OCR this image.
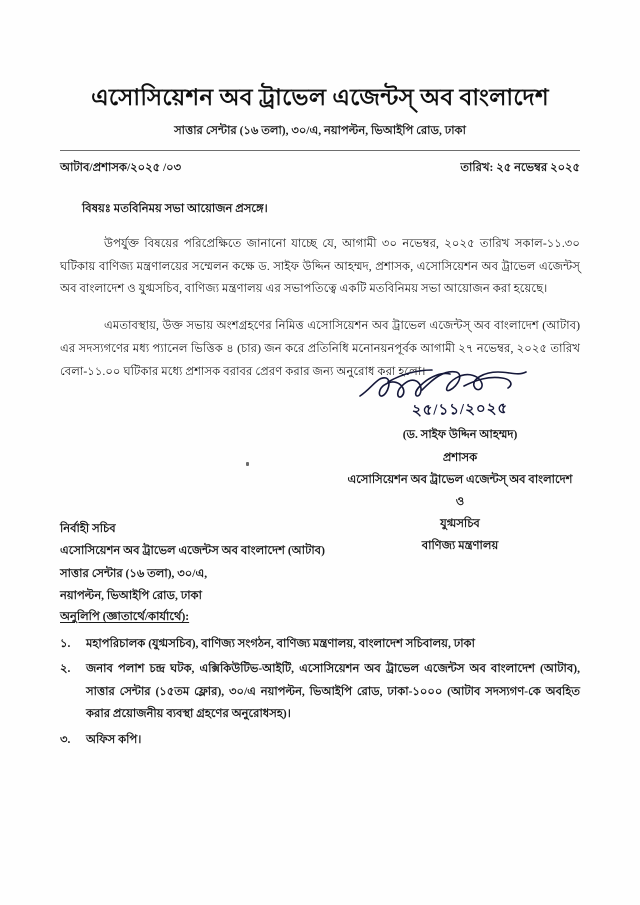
এসোসিয়েশন অব ট্রাভেল এজেন্টস্ অব বাংলাদেশ
সাত্তার সেন্টার (১৬ তলা), ৩০/এ, নয়াপল্টন, ভিআইপি রোড, ঢাকা
আটাব/প্রশাসক/২০২৫ /০৩	তারিখ: ২৫ নভেম্বর ২০২৫
বিষয়ঃ মতবিনিময় সভা আয়োজন প্রসঙ্গে।

উপর্যুক্ত বিষয়ের পরিপ্রেক্ষিতে জানানো যাচ্ছে যে, আগামী ৩০ নভেম্বর, ২০২৫ তারিখ সকাল-১১.৩০ ঘটিকায় বাণিজ্য মন্ত্রণালয়ের সম্মেলন কক্ষে ড. সাইফ উদ্দিন আহম্মদ, প্রশাসক, এসোসিয়েশন অব ট্রাভেল এজেন্টস্ অব বাংলাদেশ ও যুগ্মসচিব, বাণিজ্য মন্ত্রণালয় এর সভাপতিত্বে একটি মতবিনিময় সভা আয়োজন করা হয়েছে।

এমতাবস্থায়, উক্ত সভায় অংশগ্রহণের নিমিত্ত এসোসিয়েশন অব ট্রাভেল এজেন্টস্ অব বাংলাদেশ (আটাব) এর সদস্যগণের মধ্য প্যানেল ভিত্তিক ৪ (চার) জন করে প্রতিনিধি মনোনয়নপূর্বক আগামী ২৭ নভেম্বর, ২০২৫ তারিখ বেলা-১১.০০ ঘটিকার মধ্যে প্রশাসক বরাবর প্রেরণ করার জন্য অনুরোধ করা হলো।

২৫/১১/২০২৫
(ড. সাইফ উদ্দিন আহম্মদ)
প্রশাসক
এসোসিয়েশন অব ট্রাভেল এজেন্টস্ অব বাংলাদেশ
ও
যুগ্মসচিব
বাণিজ্য মন্ত্রণালয়
নির্বাহী সচিব
এসোসিয়েশন অব ট্রাভেল এজেন্টস অব বাংলাদেশ (আটাব)
সাত্তার সেন্টার (১৬ তলা), ৩০/এ,
নয়াপল্টন, ভিআইপি রোড, ঢাকা
অনুলিপি (জ্ঞাতার্থে/কার্যার্থে):
১.	মহাপরিচালক (যুগ্মসচিব), বাণিজ্য সংগঠন, বাণিজ্য মন্ত্রণালয়, বাংলাদেশ সচিবালয়, ঢাকা
২.	জনাব পলাশ চন্দ্র ঘটক, এক্সিকিউটিভ-আইটি, এসোসিয়েশন অব ট্রাভেল এজেন্টস অব বাংলাদেশ (আটাব), সাত্তার সেন্টার (১৫তম ফ্লোর), ৩০/এ নয়াপল্টন, ভিআইপি রোড, ঢাকা-১০০০ (আটাব সদস্যগণ-কে অবহিত করার প্রয়োজনীয় ব্যবস্থা গ্রহণের অনুরোধসহ)।
৩.	অফিস কপি।
